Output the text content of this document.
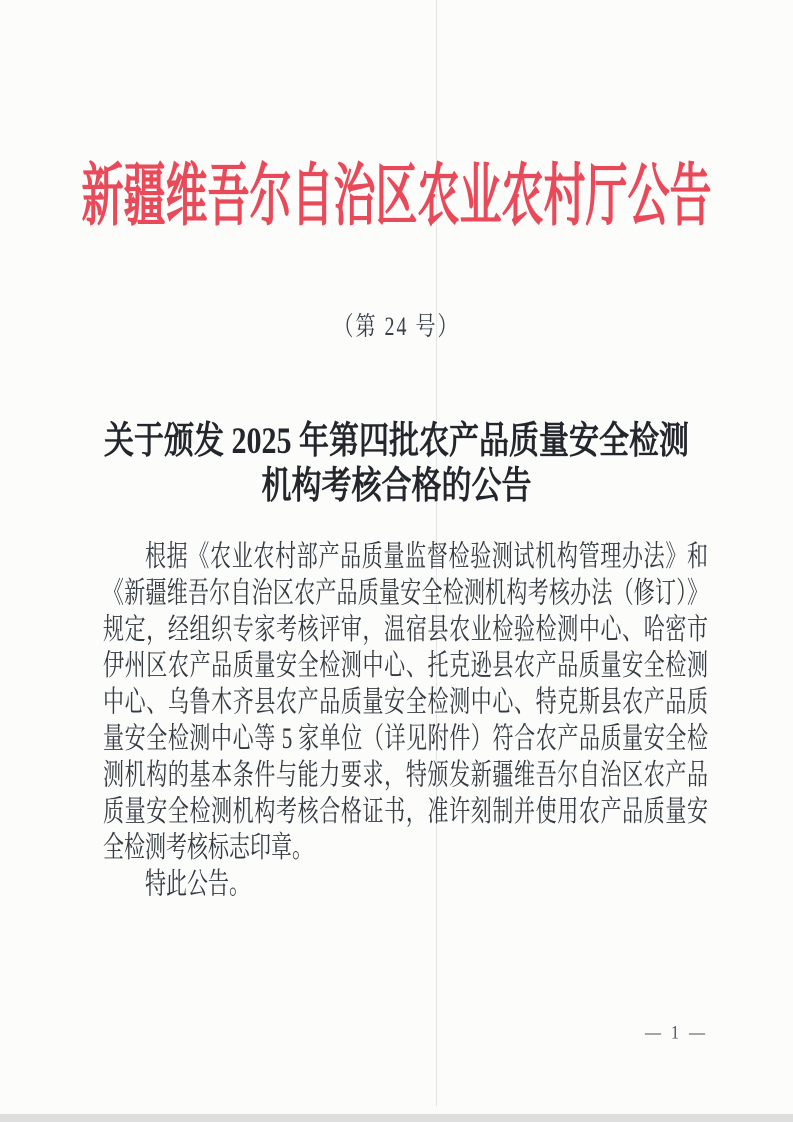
新疆维吾尔自治区农业农村厅公告
（第 24 号）
关于颁发 2025 年第四批农产品质量安全检测
机构考核合格的公告
根据《农业农村部产品质量监督检验测试机构管理办法》和
《新疆维吾尔自治区农产品质量安全检测机构考核办法（修订）》
规定，经组织专家考核评审，温宿县农业检验检测中心、哈密市
伊州区农产品质量安全检测中心、托克逊县农产品质量安全检测
中心、乌鲁木齐县农产品质量安全检测中心、特克斯县农产品质
量安全检测中心等 5 家单位（详见附件）符合农产品质量安全检
测机构的基本条件与能力要求，特颁发新疆维吾尔自治区农产品
质量安全检测机构考核合格证书，准许刻制并使用农产品质量安
全检测考核标志印章。
特此公告。
— 1 —
